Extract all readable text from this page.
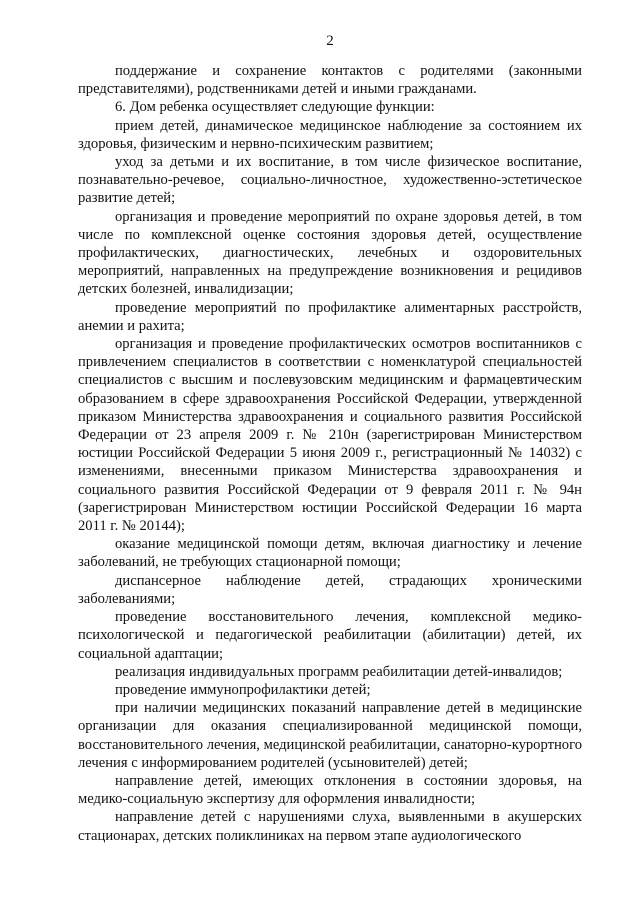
2

поддержание и сохранение контактов с родителями (законными представителями), родственниками детей и иными гражданами.

6. Дом ребенка осуществляет следующие функции:

прием детей, динамическое медицинское наблюдение за состоянием их здоровья, физическим и нервно-психическим развитием;

уход за детьми и их воспитание, в том числе физическое воспитание, познавательно-речевое, социально-личностное, художественно-эстетическое развитие детей;

организация и проведение мероприятий по охране здоровья детей, в том числе по комплексной оценке состояния здоровья детей, осуществление профилактических, диагностических, лечебных и оздоровительных мероприятий, направленных на предупреждение возникновения и рецидивов детских болезней, инвалидизации;

проведение мероприятий по профилактике алиментарных расстройств, анемии и рахита;

организация и проведение профилактических осмотров воспитанников с привлечением специалистов в соответствии с номенклатурой специальностей специалистов с высшим и послевузовским медицинским и фармацевтическим образованием в сфере здравоохранения Российской Федерации, утвержденной приказом Министерства здравоохранения и социального развития Российской Федерации от 23 апреля 2009 г. № 210н (зарегистрирован Министерством юстиции Российской Федерации 5 июня 2009 г., регистрационный № 14032) с изменениями, внесенными приказом Министерства здравоохранения и социального развития Российской Федерации от 9 февраля 2011 г. № 94н (зарегистрирован Министерством юстиции Российской Федерации 16 марта 2011 г. № 20144);

оказание медицинской помощи детям, включая диагностику и лечение заболеваний, не требующих стационарной помощи;

диспансерное наблюдение детей, страдающих хроническими заболеваниями;

проведение восстановительного лечения, комплексной медико-психологической и педагогической реабилитации (абилитации) детей, их социальной адаптации;

реализация индивидуальных программ реабилитации детей-инвалидов;

проведение иммунопрофилактики детей;

при наличии медицинских показаний направление детей в медицинские организации для оказания специализированной медицинской помощи, восстановительного лечения, медицинской реабилитации, санаторно-курортного лечения с информированием родителей (усыновителей) детей;

направление детей, имеющих отклонения в состоянии здоровья, на медико-социальную экспертизу для оформления инвалидности;

направление детей с нарушениями слуха, выявленными в акушерских стационарах, детских поликлиниках на первом этапе аудиологического
